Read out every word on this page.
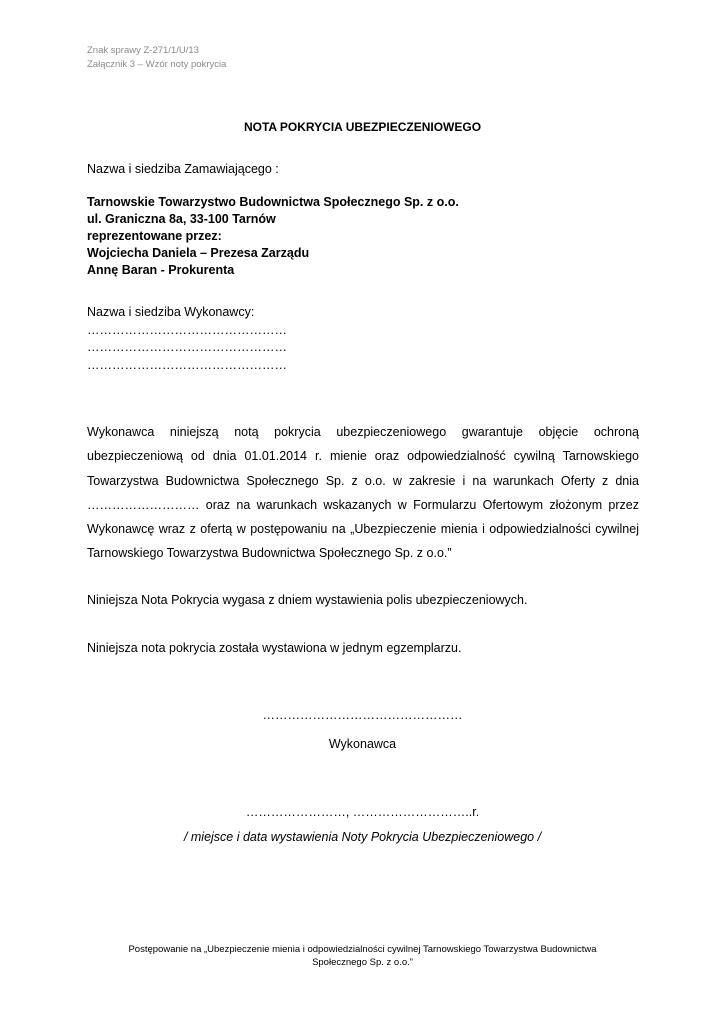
Znak sprawy Z-271/1/U/13
Załącznik 3 – Wzór noty pokrycia
NOTA POKRYCIA UBEZPIECZENIOWEGO
Nazwa i siedziba Zamawiającego :
Tarnowskie Towarzystwo Budownictwa Społecznego Sp. z o.o.
ul. Graniczna 8a, 33-100 Tarnów
reprezentowane przez:
Wojciecha Daniela – Prezesa Zarządu
Annę Baran - Prokurenta
Nazwa i siedziba Wykonawcy:
…………………………………………
…………………………………………
…………………………………………
Wykonawca niniejszą notą pokrycia ubezpieczeniowego gwarantuje objęcie ochroną ubezpieczeniową od dnia 01.01.2014 r. mienie oraz odpowiedzialność cywilną Tarnowskiego Towarzystwa Budownictwa Społecznego Sp. z o.o. w zakresie i na warunkach Oferty z dnia ……………………… oraz na warunkach wskazanych w Formularzu Ofertowym złożonym przez Wykonawcę wraz z ofertą w postępowaniu na „Ubezpieczenie mienia i odpowiedzialności cywilnej Tarnowskiego Towarzystwa Budownictwa Społecznego Sp. z o.o.”
Niniejsza Nota Pokrycia wygasa z dniem wystawienia polis ubezpieczeniowych.
Niniejsza nota pokrycia została wystawiona w jednym egzemplarzu.
…………………………………………
Wykonawca
……………………, ………………………..r.
/ miejsce i data wystawienia Noty Pokrycia Ubezpieczeniowego /
Postępowanie na „Ubezpieczenie mienia i odpowiedzialności cywilnej Tarnowskiego Towarzystwa Budownictwa
Społecznego Sp. z o.o.”
